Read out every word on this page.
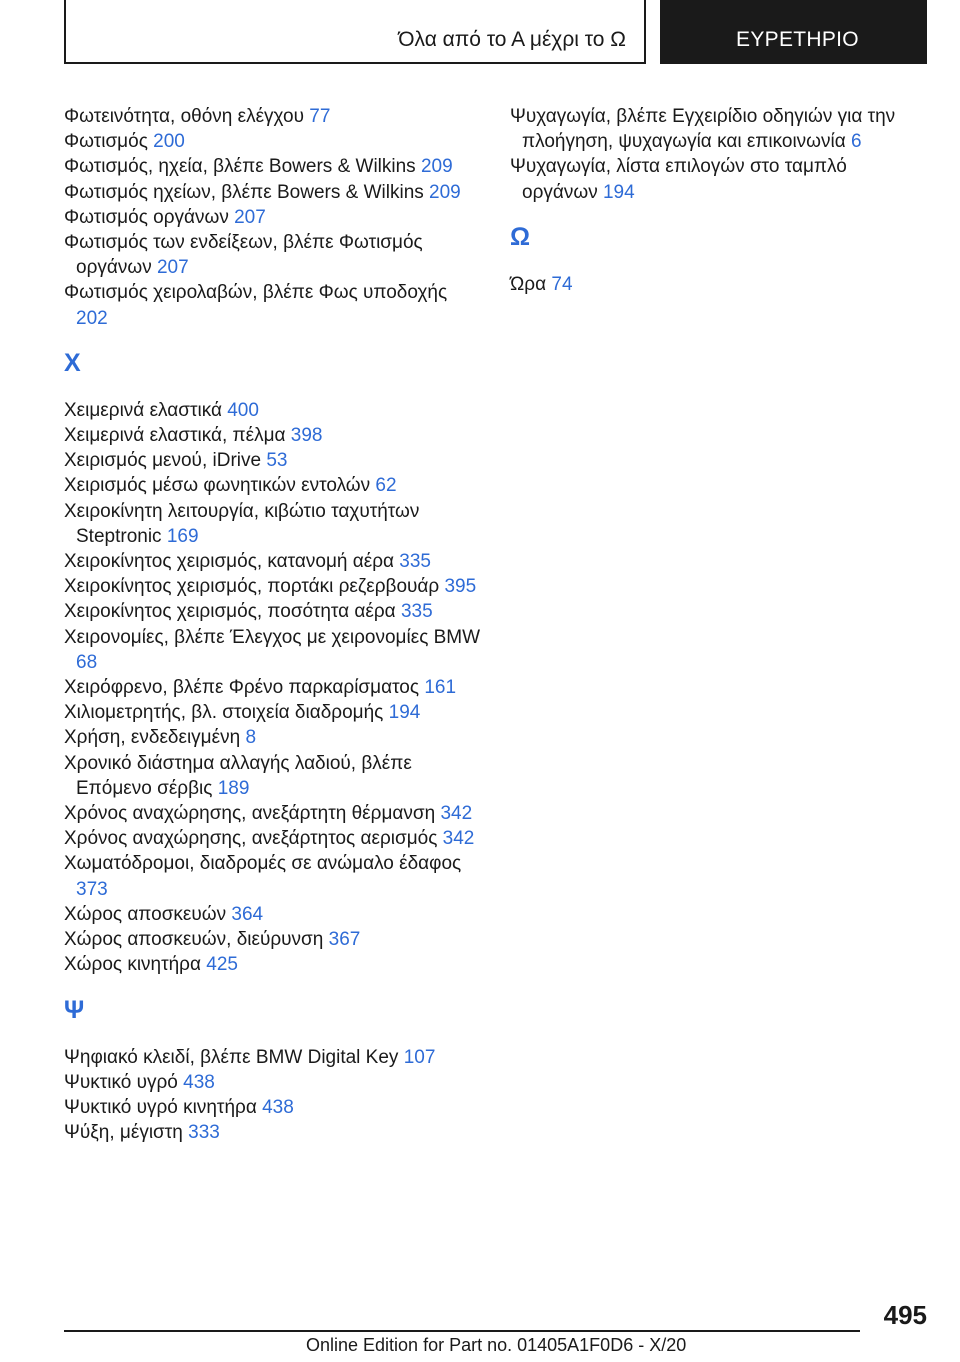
Όλα από το Α μέχρι το Ω	ΕΥΡΕΤΗΡΙΟ
Φωτεινότητα, οθόνη ελέγχου 77
Φωτισμός 200
Φωτισμός, ηχεία, βλέπε Bowers & Wilkins 209
Φωτισμός ηχείων, βλέπε Bowers & Wilkins 209
Φωτισμός οργάνων 207
Φωτισμός των ενδείξεων, βλέπε Φωτισμός οργάνων 207
Φωτισμός χειρολαβών, βλέπε Φως υποδοχής 202
X
Χειμερινά ελαστικά 400
Χειμερινά ελαστικά, πέλμα 398
Χειρισμός μενού, iDrive 53
Χειρισμός μέσω φωνητικών εντολών 62
Χειροκίνητη λειτουργία, κιβώτιο ταχυτήτων Steptronic 169
Χειροκίνητος χειρισμός, κατανομή αέρα 335
Χειροκίνητος χειρισμός, πορτάκι ρεζερβουάρ 395
Χειροκίνητος χειρισμός, ποσότητα αέρα 335
Χειρονομίες, βλέπε Έλεγχος με χειρονομίες BMW 68
Χειρόφρενο, βλέπε Φρένο παρκαρίσματος 161
Χιλιομετρητής, βλ. στοιχεία διαδρομής 194
Χρήση, ενδεδειγμένη 8
Χρονικό διάστημα αλλαγής λαδιού, βλέπε Επόμενο σέρβις 189
Χρόνος αναχώρησης, ανεξάρτητη θέρμανση 342
Χρόνος αναχώρησης, ανεξάρτητος αερισμός 342
Χωματόδρομοι, διαδρομές σε ανώμαλο έδαφος 373
Χώρος αποσκευών 364
Χώρος αποσκευών, διεύρυνση 367
Χώρος κινητήρα 425
Ψ
Ψηφιακό κλειδί, βλέπε BMW Digital Key 107
Ψυκτικό υγρό 438
Ψυκτικό υγρό κινητήρα 438
Ψύξη, μέγιστη 333
Ψυχαγωγία, βλέπε Εγχειρίδιο οδηγιών για την πλοήγηση, ψυχαγωγία και επικοινωνία 6
Ψυχαγωγία, λίστα επιλογών στο ταμπλό οργάνων 194
Ω
Ώρα 74
495
Online Edition for Part no. 01405A1F0D6 - X/20
